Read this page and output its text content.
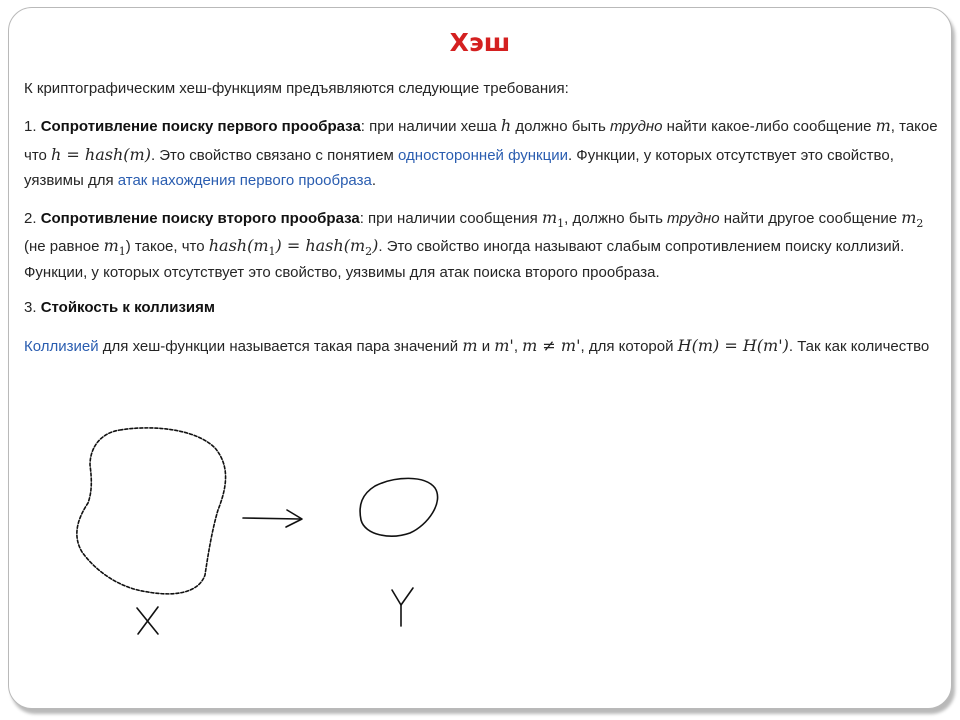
Хэш

К криптографическим хеш-функциям предъявляются следующие требования:

1. Сопротивление поиску первого прообраза: при наличии хеша h должно быть трудно найти какое-либо сообщение m, такое

что h = hash(m). Это свойство связано с понятием односторонней функции. Функции, у которых отсутствует это свойство,

уязвимы для атак нахождения первого прообраза.

2. Сопротивление поиску второго прообраза: при наличии сообщения $m_1$, должно быть трудно найти другое сообщение $m_2$

(не равное $m_1$) такое, что $hash(m_1)$ = $hash(m_2)$. Это свойство иногда называют слабым сопротивлением поиску коллизий.

Функции, у которых отсутствует это свойство, уязвимы для атак поиска второго прообраза.

3. Стойкость к коллизиям

Коллизией для хеш-функции называется такая пара значений m и m', m ≠ m', для которой H(m) = H(m'). Так как количество
